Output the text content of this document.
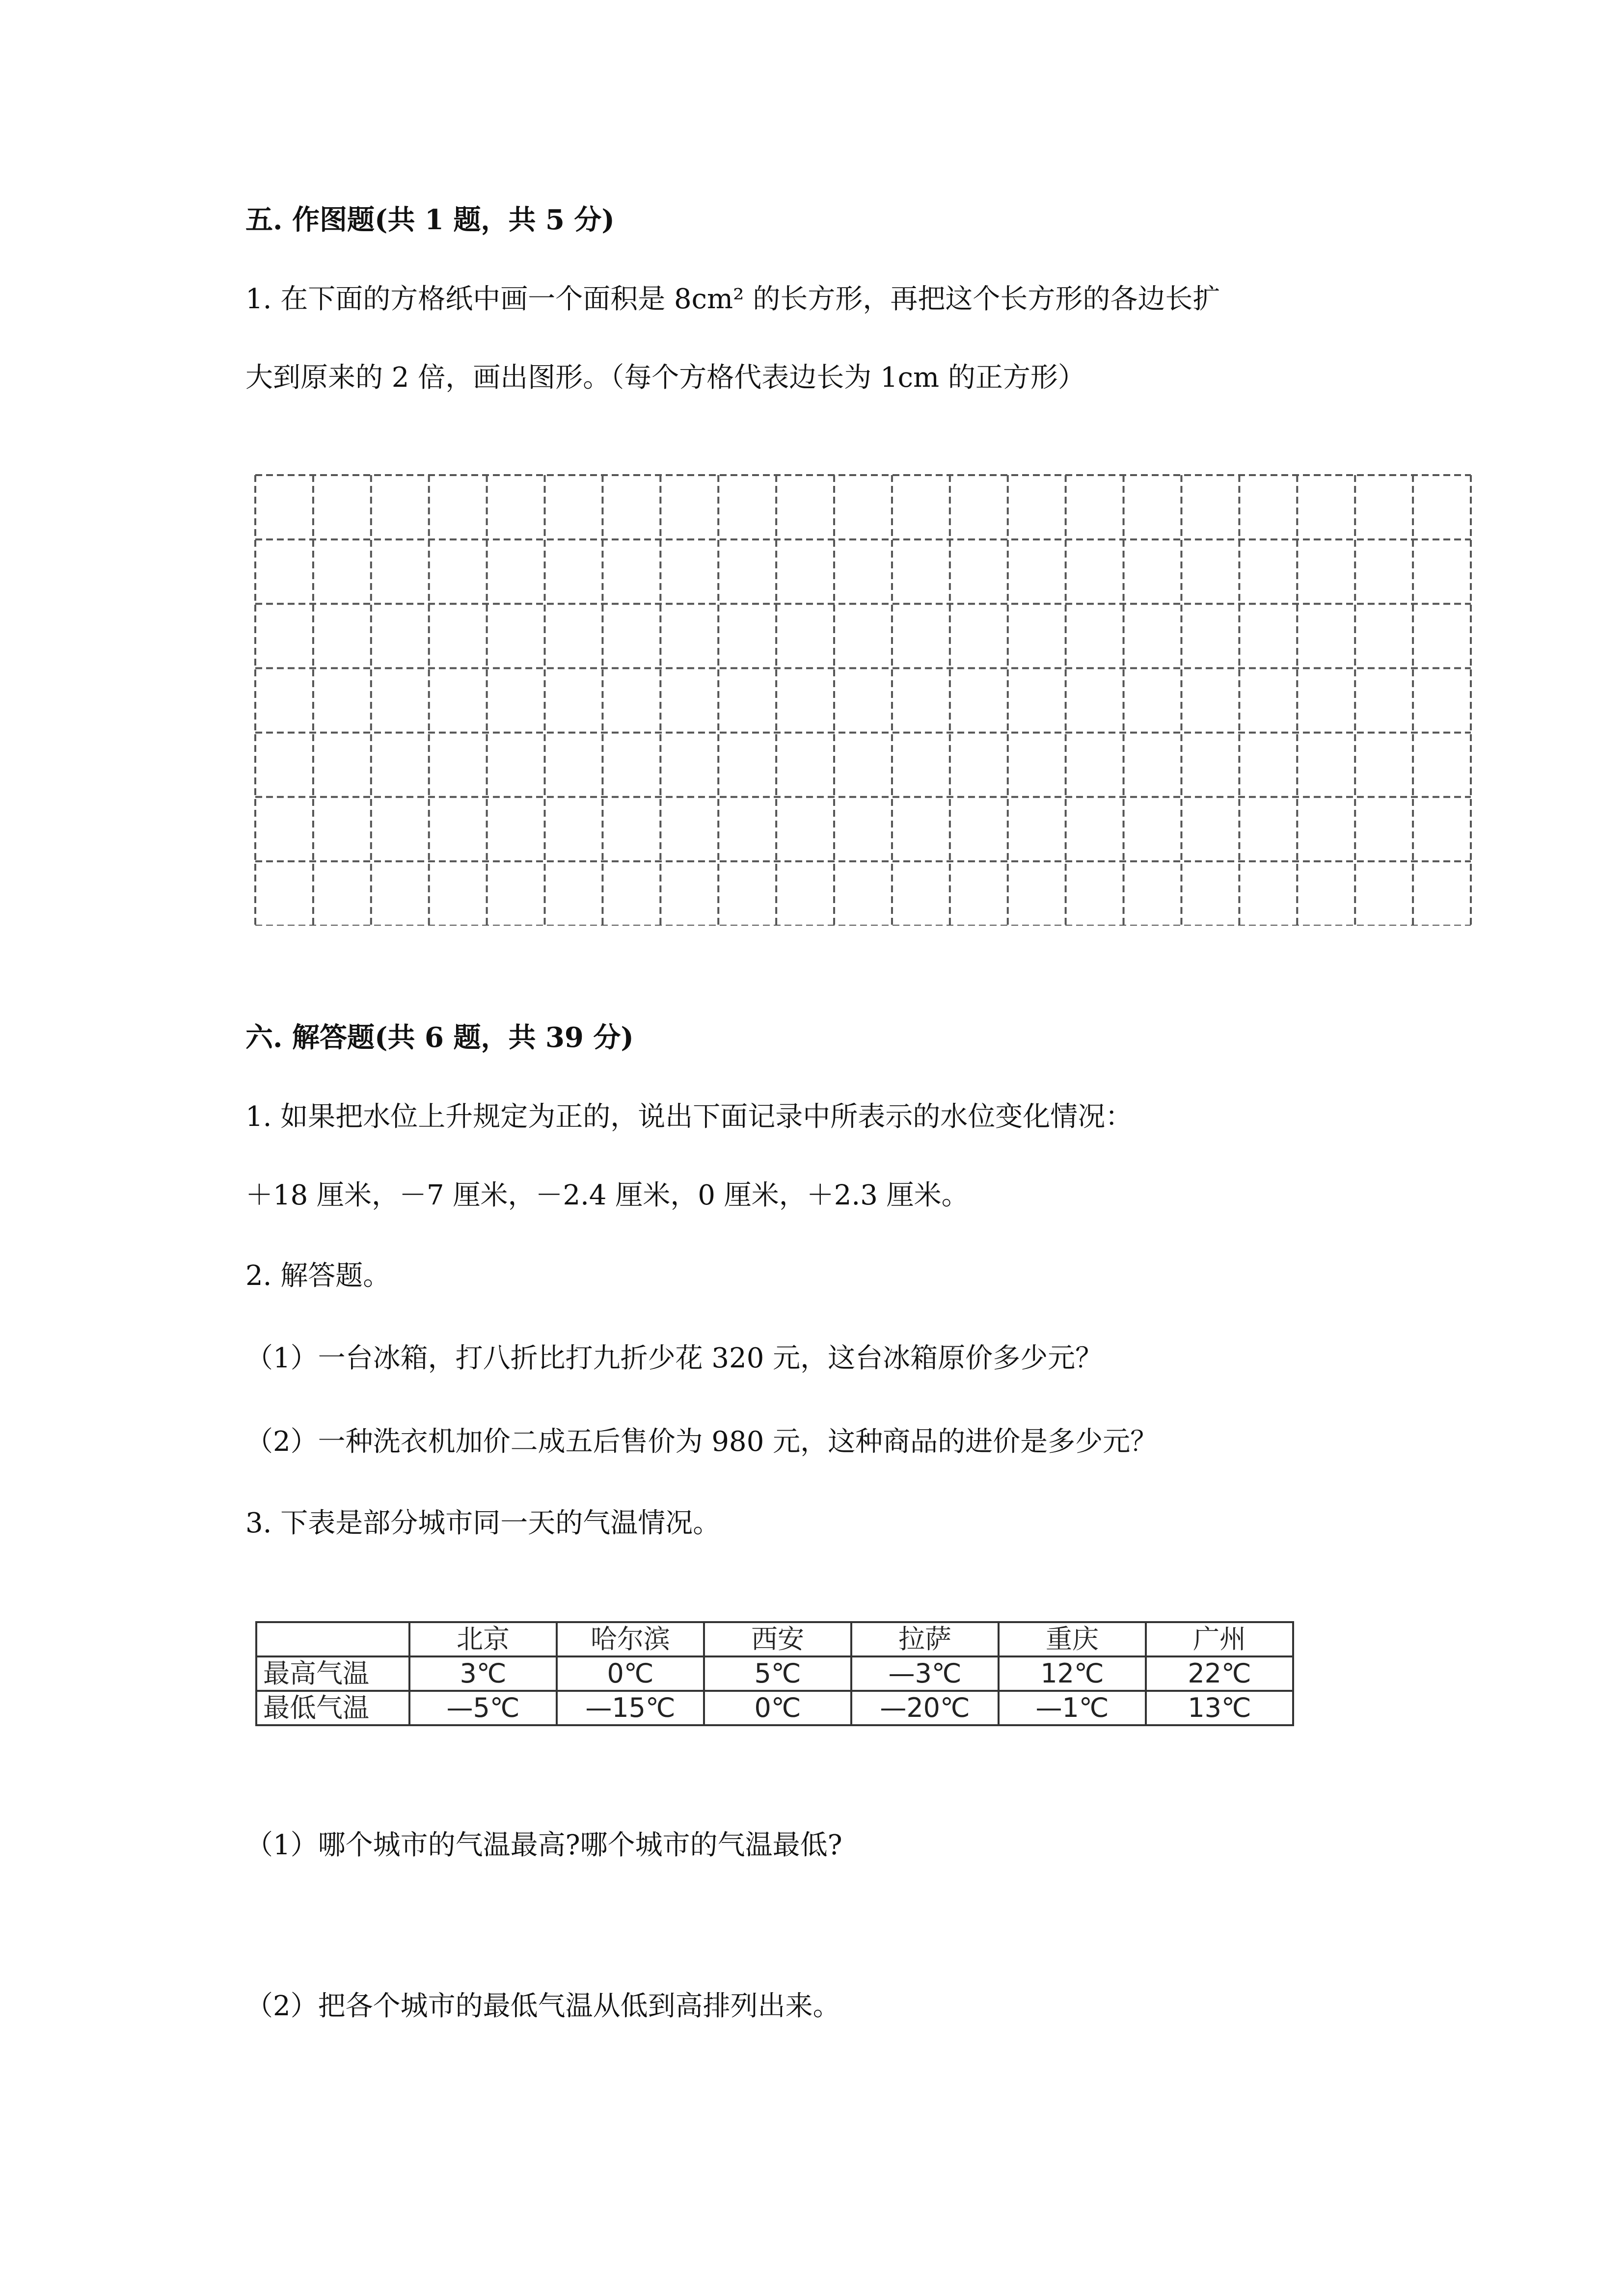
五. 作图题(共 1 题，共 5 分)
1. 在下面的方格纸中画一个面积是 8cm² 的长方形，再把这个长方形的各边长扩
大到原来的 2 倍，画出图形。（每个方格代表边长为 1cm 的正方形）
六. 解答题(共 6 题，共 39 分)
1. 如果把水位上升规定为正的，说出下面记录中所表示的水位变化情况：
＋18 厘米，－7 厘米，－2.4 厘米，0 厘米，＋2.3 厘米。
2. 解答题。
（1）一台冰箱，打八折比打九折少花 320 元，这台冰箱原价多少元？
（2）一种洗衣机加价二成五后售价为 980 元，这种商品的进价是多少元？
3. 下表是部分城市同一天的气温情况。
	北京	哈尔滨	西安	拉萨	重庆	广州
最高气温	3℃	0℃	5℃	—3℃	12℃	22℃
最低气温	—5℃	—15℃	0℃	—20℃	—1℃	13℃
（1）哪个城市的气温最高?哪个城市的气温最低?
（2）把各个城市的最低气温从低到高排列出来。
